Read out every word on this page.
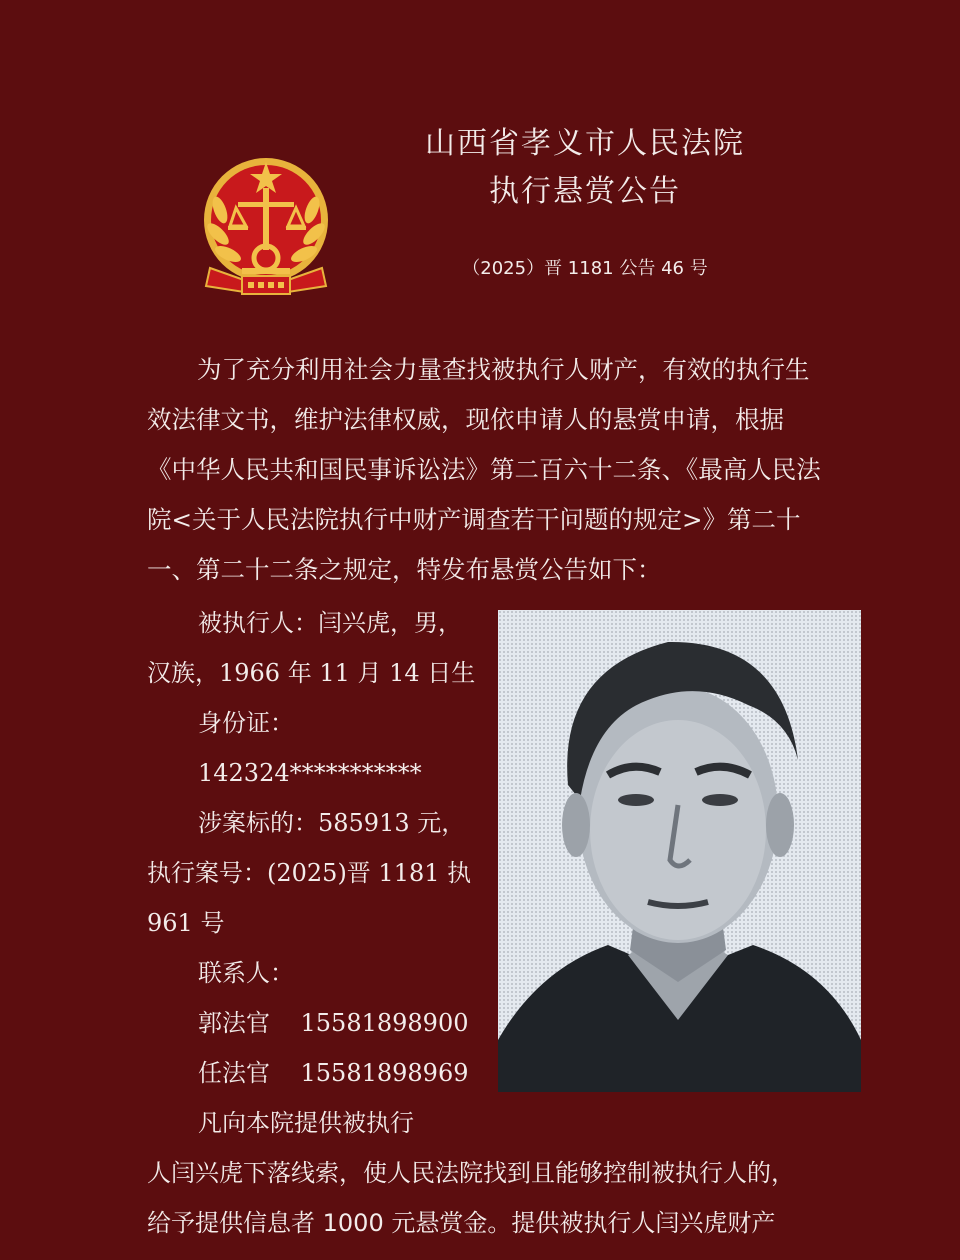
山西省孝义市人民法院
执行悬赏公告
（2025）晋 1181 公告 46 号

为了充分利用社会力量查找被执行人财产，有效的执行生效法律文书，维护法律权威，现依申请人的悬赏申请，根据《中华人民共和国民事诉讼法》第二百六十二条、《最高人民法院<关于人民法院执行中财产调查若干问题的规定>》第二十一、第二十二条之规定，特发布悬赏公告如下：

被执行人：闫兴虎，男，
汉族，1966 年 11 月 14 日生
身份证：
142324***********
涉案标的：585913 元，
执行案号：(2025)晋 1181 执
961 号
联系人：
郭法官 15581898900
任法官 15581898969
凡向本院提供被执行
人闫兴虎下落线索，使人民法院找到且能够控制被执行人的，
给予提供信息者 1000 元悬赏金。提供被执行人闫兴虎财产
